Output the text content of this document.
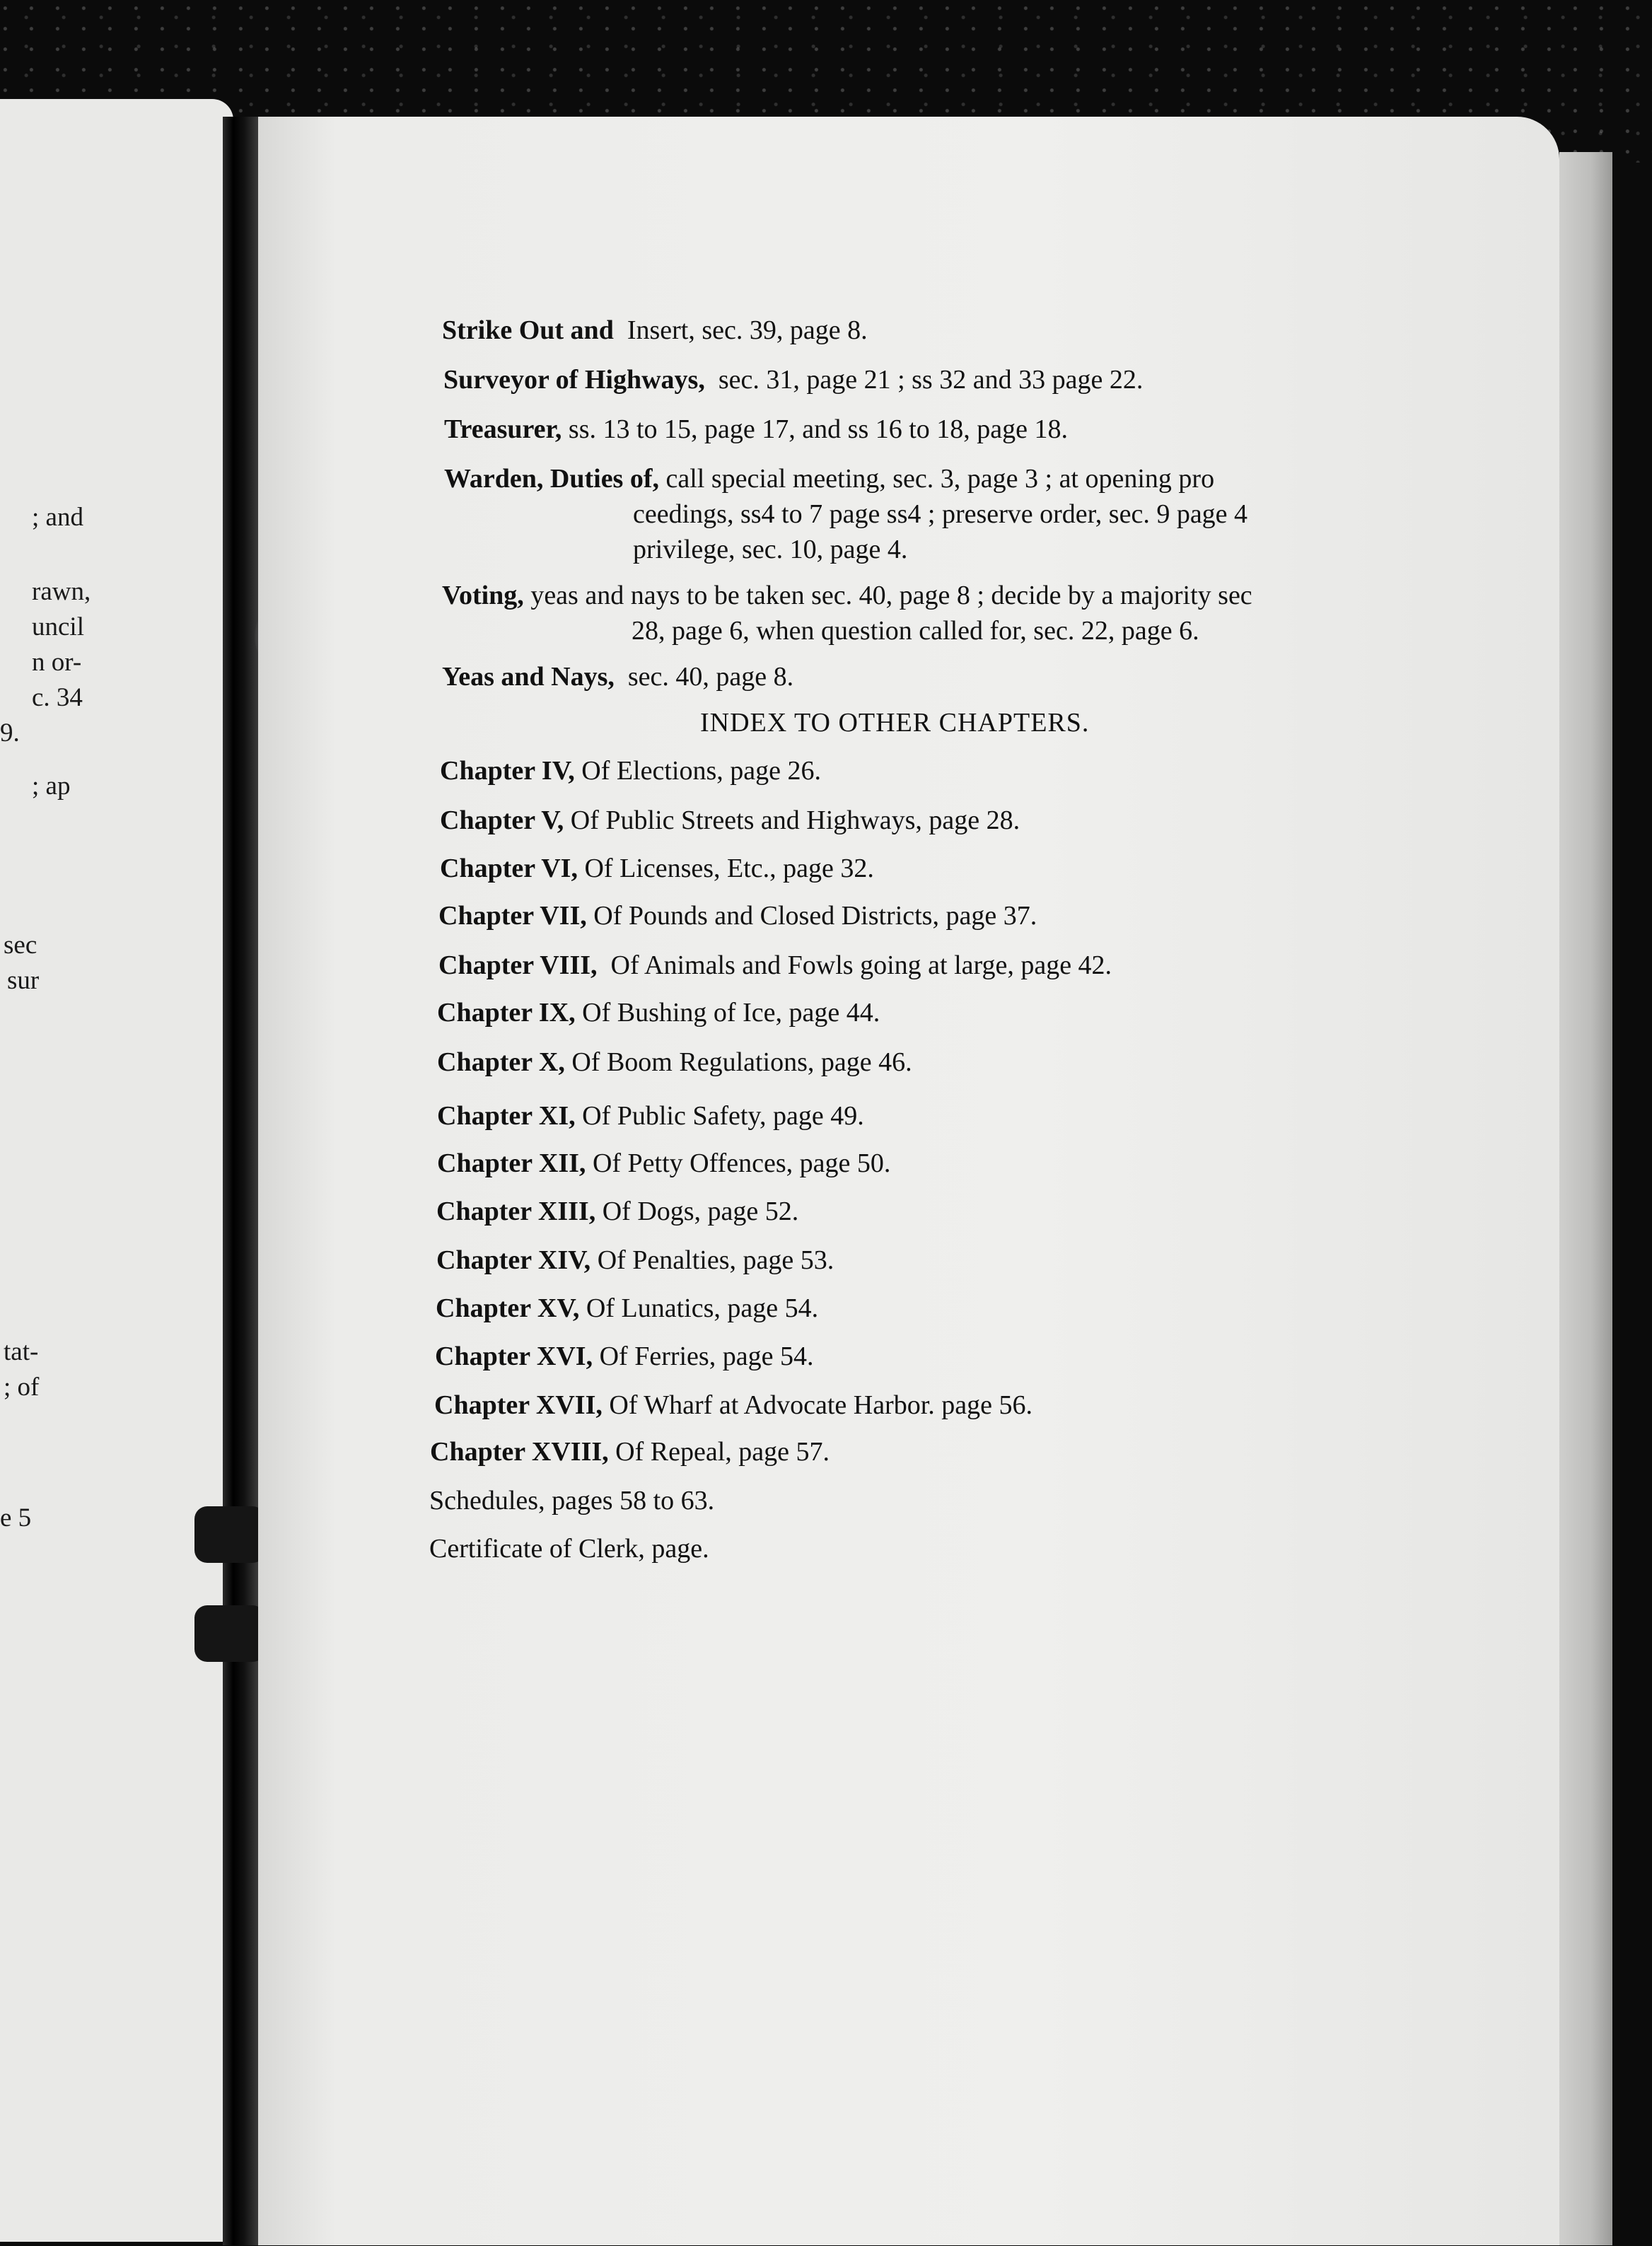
; and
rawn,
uncil
n or-
c. 34
9.
; ap
sec
sur
tat-
; of
e 5
Strike Out and Insert, sec. 39, page 8.
Surveyor of Highways, sec. 31, page 21 ; ss 32 and 33 page 22.
Treasurer, ss. 13 to 15, page 17, and ss 16 to 18, page 18.
Warden, Duties of, call special meeting, sec. 3, page 3 ; at opening pro
ceedings, ss4 to 7 page ss4 ; preserve order, sec. 9 page 4
privilege, sec. 10, page 4.
Voting, yeas and nays to be taken sec. 40, page 8 ; decide by a majority sec
28, page 6, when question called for, sec. 22, page 6.
Yeas and Nays, sec. 40, page 8.
INDEX TO OTHER CHAPTERS.
Chapter IV, Of Elections, page 26.
Chapter V, Of Public Streets and Highways, page 28.
Chapter VI, Of Licenses, Etc., page 32.
Chapter VII, Of Pounds and Closed Districts, page 37.
Chapter VIII, Of Animals and Fowls going at large, page 42.
Chapter IX, Of Bushing of Ice, page 44.
Chapter X, Of Boom Regulations, page 46.
Chapter XI, Of Public Safety, page 49.
Chapter XII, Of Petty Offences, page 50.
Chapter XIII, Of Dogs, page 52.
Chapter XIV, Of Penalties, page 53.
Chapter XV, Of Lunatics, page 54.
Chapter XVI, Of Ferries, page 54.
Chapter XVII, Of Wharf at Advocate Harbor. page 56.
Chapter XVIII, Of Repeal, page 57.
Schedules, pages 58 to 63.
Certificate of Clerk, page.
